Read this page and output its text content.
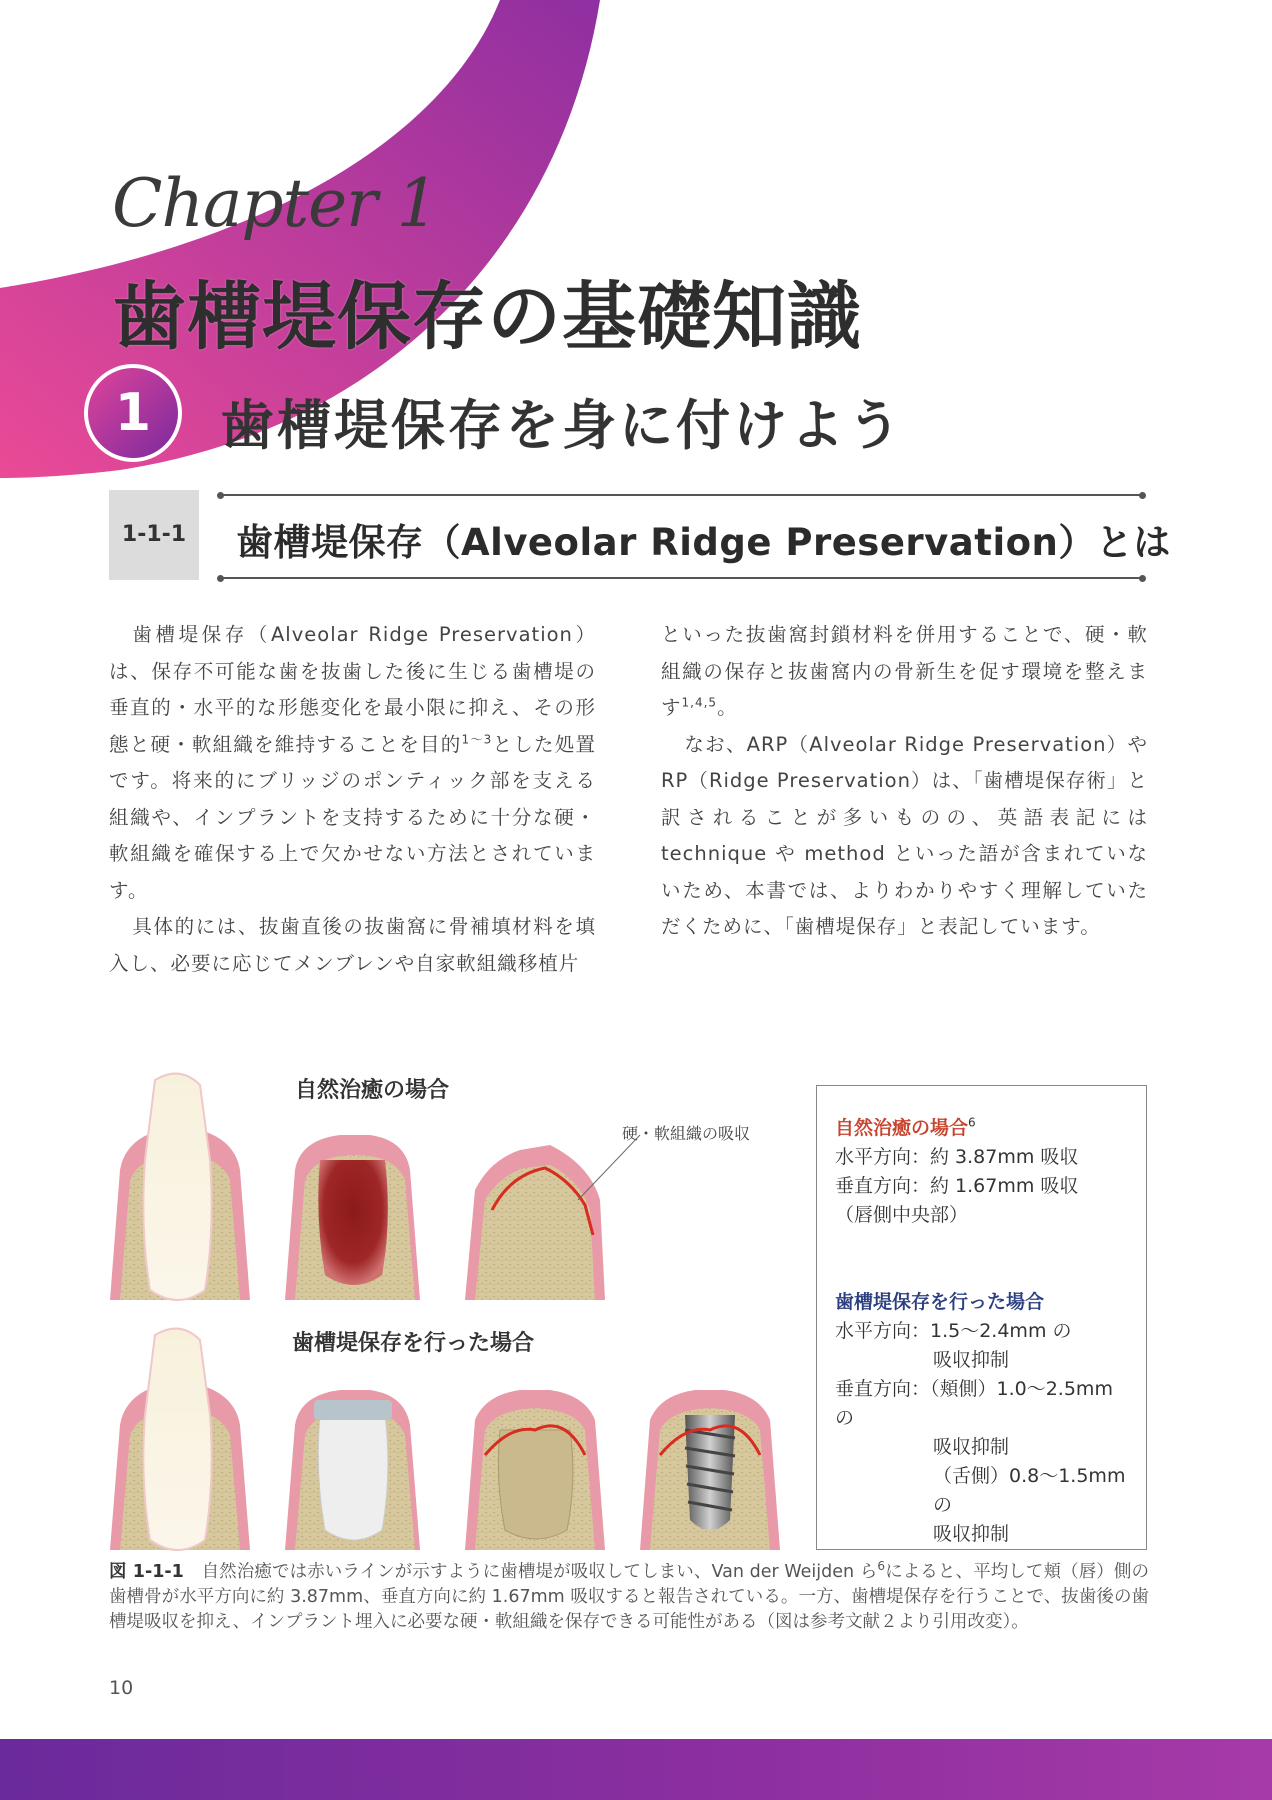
Chapter 1
歯槽堤保存の基礎知識
1	歯槽堤保存を身に付けよう
1-1-1	歯槽堤保存（Alveolar Ridge Preservation）とは

歯槽堤保存（Alveolar Ridge Preservation）は、保存不可能な歯を抜歯した後に生じる歯槽堤の垂直的・水平的な形態変化を最小限に抑え、その形態と硬・軟組織を維持することを目的$^{1\sim 3}$とした処置です。将来的にブリッジのポンティック部を支える組織や、インプラントを支持するために十分な硬・軟組織を確保する上で欠かせない方法とされています。

具体的には、抜歯直後の抜歯窩に骨補填材料を填入し、必要に応じてメンブレンや自家軟組織移植片

といった抜歯窩封鎖材料を併用することで、硬・軟組織の保存と抜歯窩内の骨新生を促す環境を整えます$^{1,4,5}$。

なお、ARP（Alveolar Ridge Preservation）や RP（Ridge Preservation）は、「歯槽堤保存術」と訳されることが多いものの、英語表記には technique や method といった語が含まれていないため、本書では、よりわかりやすく理解していただくために、「歯槽堤保存」と表記しています。

自然治癒の場合
歯槽堤保存を行った場合
硬・軟組織の吸収	自然治癒の場合$^6$
水平方向：約 3.87mm 吸収
垂直方向：約 1.67mm 吸収
（唇側中央部）
歯槽堤保存を行った場合
水平方向：1.5～2.4mm の
吸収抑制
垂直方向：（頬側）1.0～2.5mm の
吸収抑制
（舌側）0.8～1.5mm の
吸収抑制
図 1-1-1　 自然治癒では赤いラインが示すように歯槽堤が吸収してしまい、Van der Weijden ら$^6$によると、平均して頬（唇）側の歯槽骨が水平方向に約 3.87mm、垂直方向に約 1.67mm 吸収すると報告されている。一方、歯槽堤保存を行うことで、抜歯後の歯槽堤吸収を抑え、インプラント埋入に必要な硬・軟組織を保存できる可能性がある（図は参考文献２より引用改変）。
10
